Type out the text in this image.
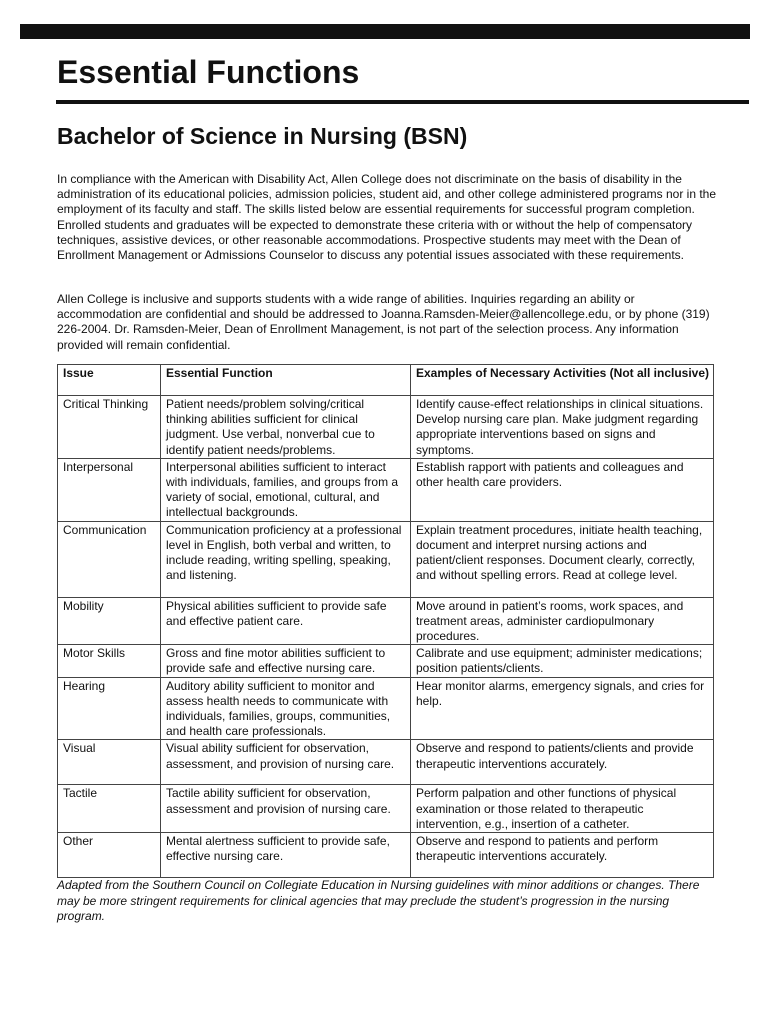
Essential Functions
Bachelor of Science in Nursing (BSN)

In compliance with the American with Disability Act, Allen College does not discriminate on the basis of disability in the administration of its educational policies, admission policies, student aid, and other college administered programs nor in the employment of its faculty and staff. The skills listed below are essential requirements for successful program completion. Enrolled students and graduates will be expected to demonstrate these criteria with or without the help of compensatory techniques, assistive devices, or other reasonable accommodations. Prospective students may meet with the Dean of Enrollment Management or Admissions Counselor to discuss any potential issues associated with these requirements.

Allen College is inclusive and supports students with a wide range of abilities. Inquiries regarding an ability or accommodation are confidential and should be addressed to Joanna.Ramsden-Meier@allencollege.edu, or by phone (319) 226-2004. Dr. Ramsden-Meier, Dean of Enrollment Management, is not part of the selection process. Any information provided will remain confidential.

Issue	Essential Function	Examples of Necessary Activities (Not all inclusive)
Critical Thinking	Patient needs/problem solving/critical thinking abilities sufficient for clinical judgment. Use verbal, nonverbal cue to identify patient needs/problems.	Identify cause-effect relationships in clinical situations. Develop nursing care plan. Make judgment regarding appropriate interventions based on signs and symptoms.
Interpersonal	Interpersonal abilities sufficient to interact with individuals, families, and groups from a variety of social, emotional, cultural, and intellectual backgrounds.	Establish rapport with patients and colleagues and other health care providers.
Communication	Communication proficiency at a professional level in English, both verbal and written, to include reading, writing spelling, speaking, and listening.	Explain treatment procedures, initiate health teaching, document and interpret nursing actions and patient/client responses. Document clearly, correctly, and without spelling errors. Read at college level.
Mobility	Physical abilities sufficient to provide safe and effective patient care.	Move around in patient’s rooms, work spaces, and treatment areas, administer cardiopulmonary procedures.
Motor Skills	Gross and fine motor abilities sufficient to provide safe and effective nursing care.	Calibrate and use equipment; administer medications; position patients/clients.
Hearing	Auditory ability sufficient to monitor and assess health needs to communicate with individuals, families, groups, communities, and health care professionals.	Hear monitor alarms, emergency signals, and cries for help.
Visual	Visual ability sufficient for observation, assessment, and provision of nursing care.	Observe and respond to patients/clients and provide therapeutic interventions accurately.
Tactile	Tactile ability sufficient for observation, assessment and provision of nursing care.	Perform palpation and other functions of physical examination or those related to therapeutic intervention, e.g., insertion of a catheter.
Other	Mental alertness sufficient to provide safe, effective nursing care.	Observe and respond to patients and perform therapeutic interventions accurately.

Adapted from the Southern Council on Collegiate Education in Nursing guidelines with minor additions or changes. There may be more stringent requirements for clinical agencies that may preclude the student’s progression in the nursing program.
